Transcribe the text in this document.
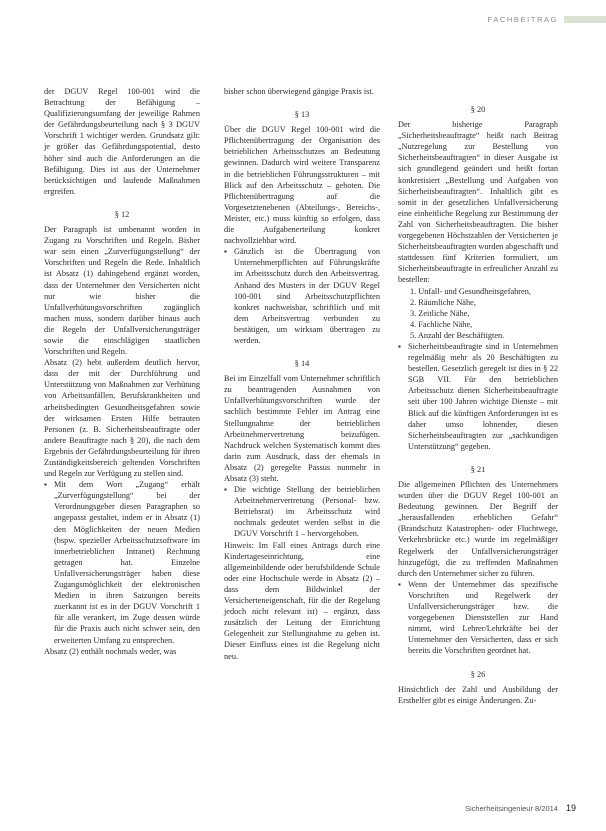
FACHBEITRAG

der DGUV Regel 100-001 wird die Betrachtung der Befähigung – Qualifizierungsumfang der jeweilige Rahmen der Gefährdungsbeurteilung nach § 3 DGUV Vorschrift 1 wichtiger werden. Grundsatz gilt: je größer das Gefährdungspotential, desto höher sind auch die Anforderungen an die Befähigung. Dies ist aus der Unternehmer berücksichtigen und laufende Maßnahmen ergreifen.

§ 12

Der Paragraph ist umbenannt worden in Zugang zu Vorschriften und Regeln. Bisher war sein einen „Zurverfügungstellung“ der Vorschriften und Regeln die Rede. Inhaltlich ist Absatz (1) dahingehend ergänzt worden, dass der Unternehmer den Versicherten nicht nur wie bisher die Unfallverhütungsvorschriften zugänglich machen muss, sondern darüber hinaus auch die Regeln der Unfallversicherungsträger sowie die einschlägigen staatlichen Vorschriften und Regeln.

Absatz (2) hebt außerdem deutlich hervor, dass der mit der Durchführung und Unterstützung von Maßnahmen zur Verhütung von Arbeitsunfällen, Berufskrankheiten und arbeitsbedingten Gesundheitsgefahren sowie der wirksamen Ersten Hilfe betrauten Personen (z. B. Sicherheitsbeauftragte oder andere Beauftragte nach § 20), die nach dem Ergebnis der Gefährdungsbeurteilung für ihren Zuständigkeitsbereich geltenden Vorschriften und Regeln zur Verfügung zu stellen sind.

▪ Mit dem Wort „Zugang“ erhält „Zurverfügungstellung“ bei der Verordnungsgeber diesen Paragraphen so angepasst gestaltet, indem er in Absatz (1) den Möglichkeiten der neuen Medien (bspw. spezieller Arbeitsschutzsoftware im innerbetrieblichen Intranet) Rechnung getragen hat. Einzelne Unfallversicherungsträger haben diese Zugangsmöglichkeit der elektronischen Medien in ihren Satzungen bereits zuerkannt ist es in der DGUV Vorschrift 1 für alle verankert, im Zuge dessen würde für die Praxis auch nicht schwer sein, den erweiterten Umfang zu entsprechen.

Absatz (2) enthält nochmals weder, was

bisher schon überwiegend gängige Praxis ist.

§ 13

Über die DGUV Regel 100-001 wird die Pflichtenübertragung der Organisation des betrieblichen Arbeitsschutzes an Bedeutung gewinnen. Dadurch wird weitere Transparenz in die betrieblichen Führungsstrukturen – mit Blick auf den Arbeitsschutz – geboten. Die Pflichtenübertragung auf die Vorgesetztenebenen (Abteilungs-, Bereichs-, Meister, etc.) muss künftig so erfolgen, dass die Aufgabenerteilung konkret nachvollziehbar wird.

▪ Gänzlich ist die Übertragung von Unternehmerpflichten auf Führungskräfte im Arbeitsschutz durch den Arbeitsvertrag. Anhand des Musters in der DGUV Regel 100-001 sind Arbeitsschutzpflichten konkret nachweisbar, schriftlich und mit dem Arbeitsvertrag verbunden zu bestätigen, um wirksam übertragen zu werden.
§ 14

Bei im Einzelfall vom Unternehmer schriftlich zu beantragenden Ausnahmen von Unfallverhütungsvorschriften wurde der sachlich bestimmte Fehler im Antrag eine Stellungnahme der betrieblichen Arbeitnehmervertretung beizufügen. Nachdruck welchen Systematisch kommt dies darin zum Ausdruck, dass der ehemals in Absatz (2) geregelte Passus nunmehr in Absatz (3) steht.

▪ Die wichtige Stellung der betrieblichen Arbeitnehmervertretung (Personal- bzw. Betriebsrat) im Arbeitsschutz wird nochmals gedeutet werden selbst in die DGUV Vorschrift 1 – hervorgehoben.

Hinweis: Im Fall eines Antrags durch eine Kindertageseinrichtung, eine allgemeinbildende oder berufsbildende Schule oder eine Hochschule werde in Absatz (2) – dass dem Bildwinkel der Versicherteneigenschaft, für die der Regelung jedoch nicht relevant ist) – ergänzt, dass zusätzlich der Leitung der Einrichtung Gelegenheit zur Stellungnahme zu geben ist. Dieser Einfluss eines ist die Regelung nicht neu.

§ 20

Der bisherige Paragraph „Sicherheitsbeauftragte“ heißt nach Beitrag „Nutzregelung zur Bestellung von Sicherheitsbeauftragten“ in dieser Ausgabe ist sich grundlegend geändert und heißt fortan konkretisiert „Bestellung und Aufgaben von Sicherheitsbeauftragten“. Inhaltlich gibt es somit in der gesetzlichen Unfallversicherung eine einheitliche Regelung zur Bestimmung der Zahl von Sicherheitsbeauftragten. Die bisher vorgegebenen Höchstzahlen der Versicherten je Sicherheitsbeauftragten wurden abgeschafft und stattdessen fünf Kriterien formuliert, um Sicherheitsbeauftragte in erfreulicher Anzahl zu bestellen:

1. Unfall- und Gesundheitsgefahren,
2. Räumliche Nähe,
3. Zeitliche Nähe,
4. Fachliche Nähe,
5. Anzahl der Beschäftigten.
▪ Sicherheitsbeauftragte sind in Unternehmen regelmäßig mehr als 20 Beschäftigten zu bestellen. Gesetzlich geregelt ist dies in § 22 SGB VII. Für den betrieblichen Arbeitsschutz dienen Sicherheitsbeauftragte seit über 100 Jahren wichtige Dienste – mit Blick auf die künftigen Anforderungen ist es daher umso lohnender, diesen Sicherheitsbeauftragten zur „sachkundigen Unterstützung“ gegeben.
§ 21

Die allgemeinen Pflichten des Unternehmers wurden über die DGUV Regel 100-001 an Bedeutung gewinnen. Der Begriff der „herausfallenden erheblichen Gefahr“ (Brandschutz Katastrophen- oder Fluchtwege, Verkehrsbrücke etc.) wurde im regelmäßiger Regelwerk der Unfallversicherungsträger hinzugefügt, die zu treffenden Maßnahmen durch den Unternehmer sicher zu führen.

▪ Wenn der Unternehmer das spezifische Vorschriften und Regelwerk der Unfallversicherungsträger bzw. die vorgegebenen Dienststellen zur Hand nimmt, wird Lehrer/Lehrkräfte bei der Unternehmer den Versicherten, dass er sich bereits die Vorschriften geordnet hat.
§ 26

Hinsichtlich der Zahl und Ausbildung der Ersthelfer gibt es einige Änderungen. Zu-

Sicherheitsingenieur 8/2014 19
